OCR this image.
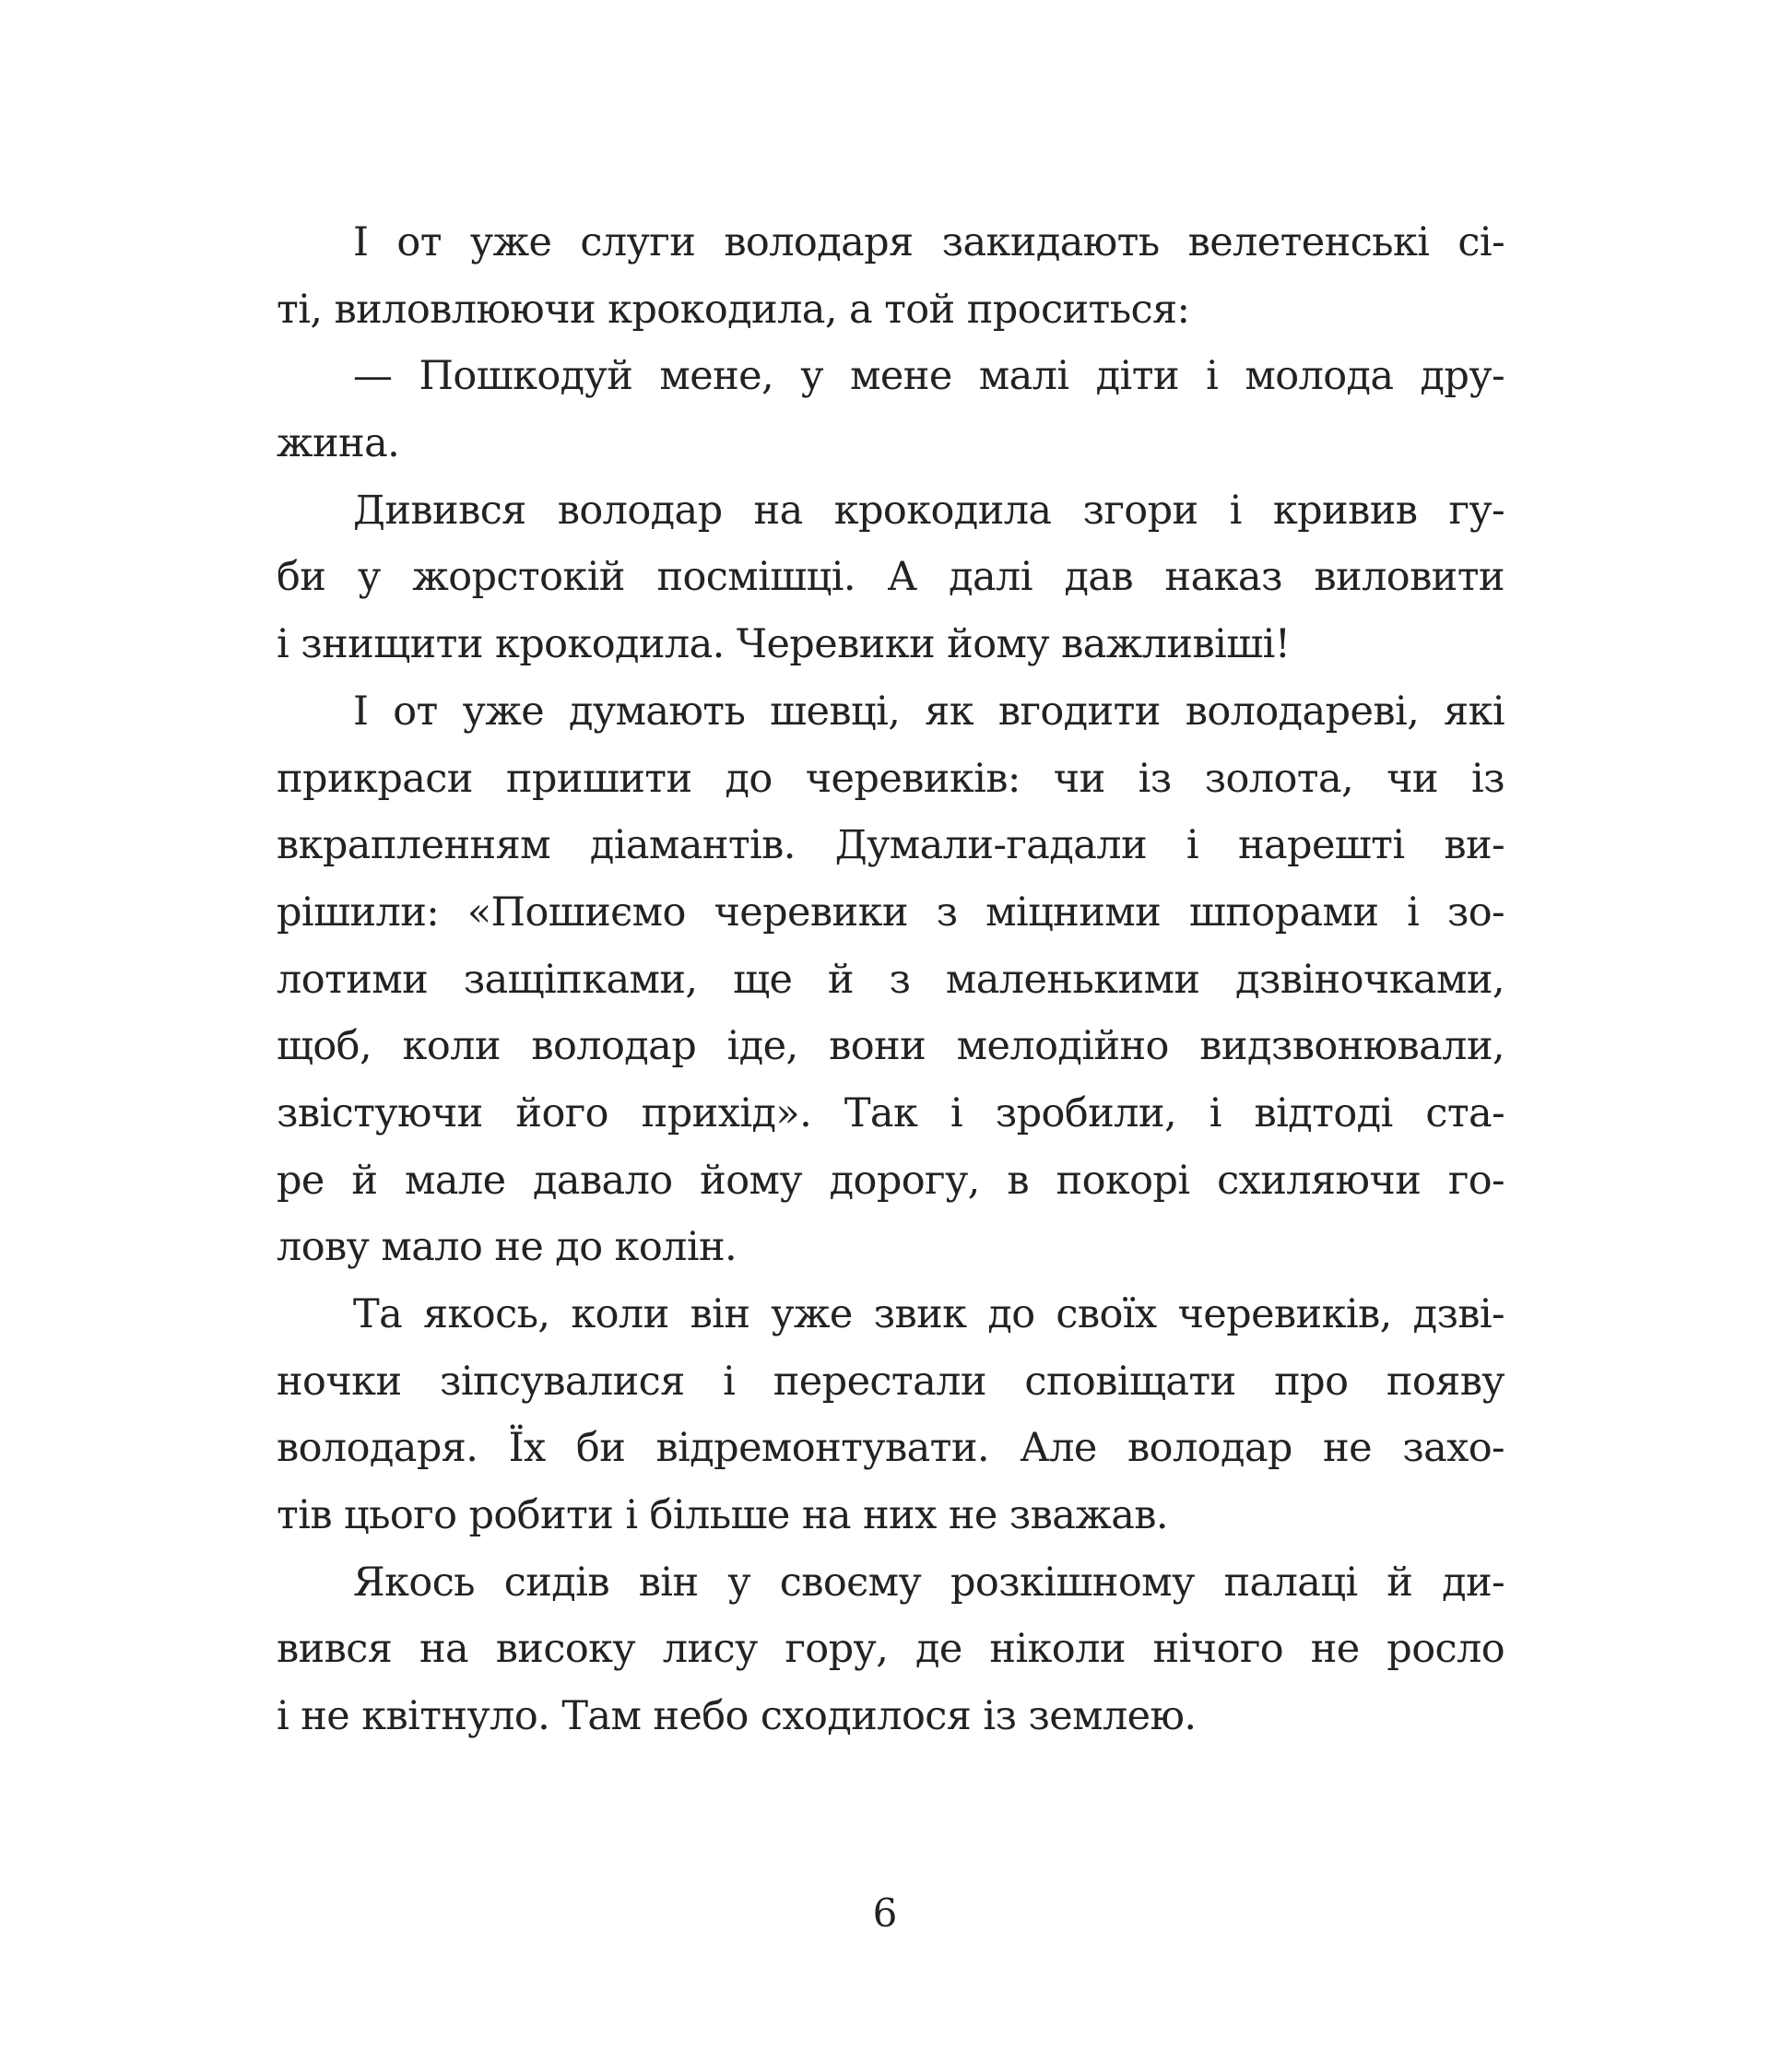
І от уже слуги володаря закидають велетенські сі-
ті, виловлюючи крокодила, а той проситься:
— Пошкодуй мене, у мене малі діти і молода дру-
жина.
Дивився володар на крокодила згори і кривив гу-
би у жорстокій посмішці. А далі дав наказ виловити
і знищити крокодила. Черевики йому важливіші!
І от уже думають шевці, як вгодити володареві, які
прикраси пришити до черевиків: чи із золота, чи із
вкрапленням діамантів. Думали-гадали і нарешті ви-
рішили: «Пошиємо черевики з міцними шпорами і зо-
лотими защіпками, ще й з маленькими дзвіночками,
щоб, коли володар іде, вони мелодійно видзвонювали,
звістуючи його прихід». Так і зробили, і відтоді ста-
ре й мале давало йому дорогу, в покорі схиляючи го-
лову мало не до колін.
Та якось, коли він уже звик до своїх черевиків, дзві-
ночки зіпсувалися і перестали сповіщати про появу
володаря. Їх би відремонтувати. Але володар не захо-
тів цього робити і більше на них не зважав.
Якось сидів він у своєму розкішному палаці й ди-
вився на високу лису гору, де ніколи нічого не росло
і не квітнуло. Там небо сходилося із землею.
6
